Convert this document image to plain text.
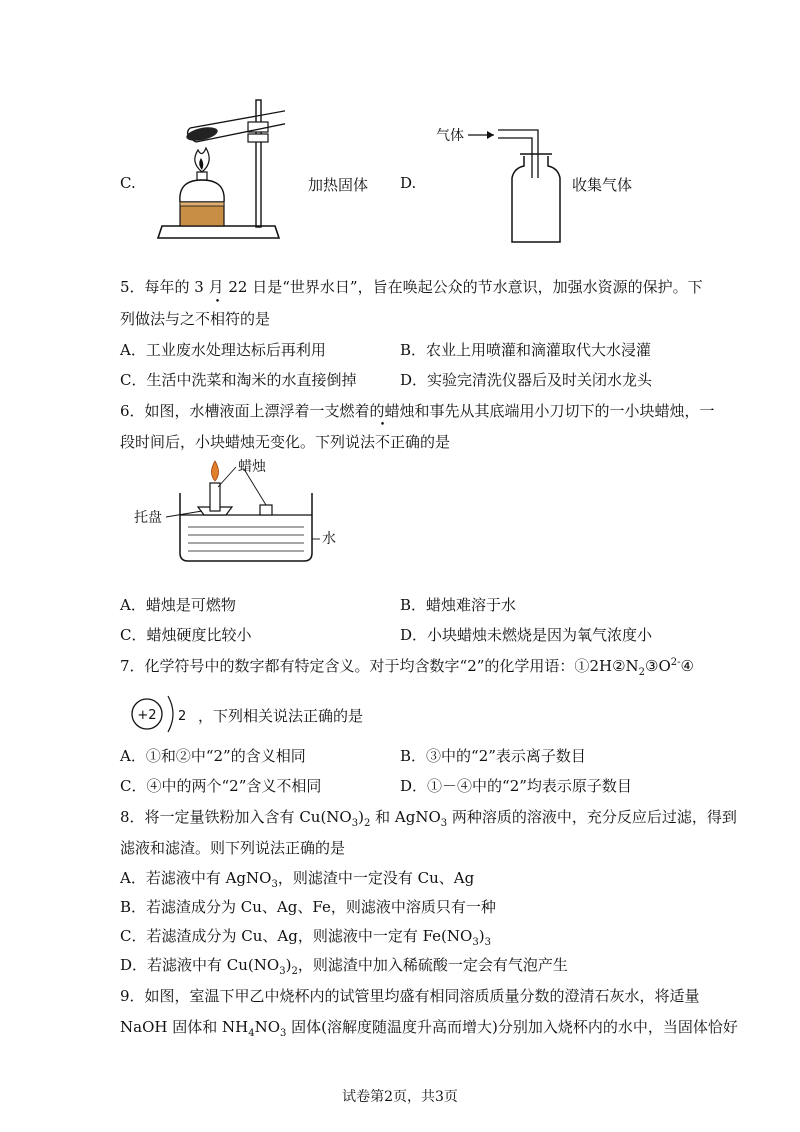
C.	加热固体 D.
气体
收集气体
5．每年的 3 月 22 日是“世界水日”，旨在唤起公众的节水意识，加强水资源的保护。下
列做法与之不相符的是
A．工业废水处理达标后再利用	B．农业上用喷灌和滴灌取代大水浸灌
C．生活中洗菜和淘米的水直接倒掉	D．实验完清洗仪器后及时关闭水龙头
6．如图，水槽液面上漂浮着一支燃着的蜡烛和事先从其底端用小刀切下的一小块蜡烛，一
段时间后，小块蜡烛无变化。下列说法不正确的是
蜡烛
托盘
水
A．蜡烛是可燃物	B．蜡烛难溶于水
C．蜡烛硬度比较小	D．小块蜡烛未燃烧是因为氧气浓度小
7．化学符号中的数字都有特定含义。对于均含数字“2”的化学用语：$①2H②N_2③O^{2-}④$
+2 2 ，下列相关说法正确的是
A．①和②中“2”的含义相同	B．③中的“2”表示离子数目
C．④中的两个“2”含义不相同	D．①－④中的“2”均表示原子数目
8．将一定量铁粉加入含有 $Cu(NO_3)_2$ 和 AgNO$_3$ 两种溶质的溶液中，充分反应后过滤，得到
滤液和滤渣。则下列说法正确的是
A．若滤液中有 AgNO$_3$，则滤渣中一定没有 Cu、Ag
B．若滤渣成分为 Cu、Ag、Fe，则滤液中溶质只有一种
C．若滤渣成分为 Cu、Ag，则滤液中一定有 $Fe(NO_3)_3$
D．若滤液中有 $Cu(NO_3)_2$，则滤渣中加入稀硫酸一定会有气泡产生
9．如图，室温下甲乙中烧杯内的试管里均盛有相同溶质质量分数的澄清石灰水，将适量
NaOH 固体和 $NH_4NO_3$ 固体(溶解度随温度升高而增大)分别加入烧杯内的水中，当固体恰好
试卷第2页，共3页
